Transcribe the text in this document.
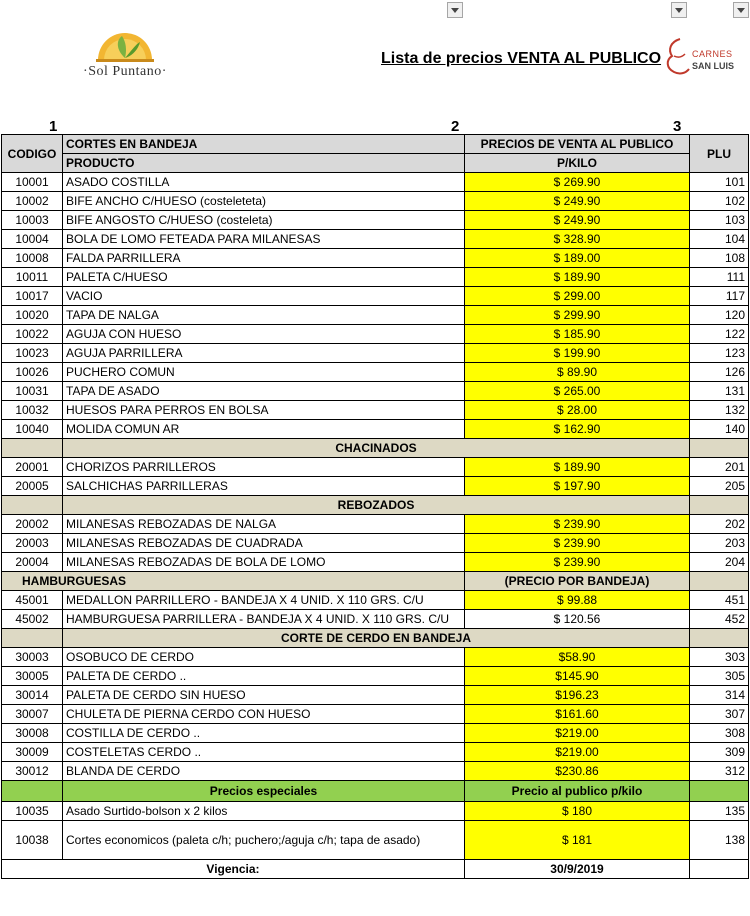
·Sol Puntano·
Lista de precios VENTA AL PUBLICO	CARNES
SAN LUIS
1	2	3
CODIGO	CORTES EN BANDEJA	PRECIOS DE VENTA AL PUBLICO	PLU
	PRODUCTO	P/KILO	
10001	ASADO COSTILLA	$ 269.90	101
10002	BIFE ANCHO C/HUESO (costeleteta)	$ 249.90	102
10003	BIFE ANGOSTO C/HUESO (costeleta)	$ 249.90	103
10004	BOLA DE LOMO FETEADA PARA MILANESAS	$ 328.90	104
10008	FALDA PARRILLERA	$ 189.00	108
10011	PALETA C/HUESO	$ 189.90	111
10017	VACIO	$ 299.00	117
10020	TAPA DE NALGA	$ 299.90	120
10022	AGUJA CON HUESO	$ 185.90	122
10023	AGUJA PARRILLERA	$ 199.90	123
10026	PUCHERO COMUN	$ 89.90	126
10031	TAPA DE ASADO	$ 265.00	131
10032	HUESOS PARA PERROS EN BOLSA	$ 28.00	132
10040	MOLIDA COMUN AR	$ 162.90	140
	CHACINADOS		
20001	CHORIZOS PARRILLEROS	$ 189.90	201
20005	SALCHICHAS PARRILLERAS	$ 197.90	205
	REBOZADOS		
20002	MILANESAS REBOZADAS DE NALGA	$ 239.90	202
20003	MILANESAS REBOZADAS DE CUADRADA	$ 239.90	203
20004	MILANESAS REBOZADAS DE BOLA DE LOMO	$ 239.90	204
HAMBURGUESAS		(PRECIO POR BANDEJA)	
45001	MEDALLON PARRILLERO - BANDEJA X 4 UNID. X 110 GRS. C/U	$ 99.88	451
45002	HAMBURGUESA PARRILLERA - BANDEJA X 4 UNID. X 110 GRS. C/U	$ 120.56	452
	CORTE DE CERDO EN BANDEJA		
30003	OSOBUCO DE CERDO	$58.90	303
30005	PALETA DE CERDO ..	$145.90	305
30014	PALETA DE CERDO SIN HUESO	$196.23	314
30007	CHULETA DE PIERNA CERDO CON HUESO	$161.60	307
30008	COSTILLA DE CERDO ..	$219.00	308
30009	COSTELETAS CERDO ..	$219.00	309
30012	BLANDA DE CERDO	$230.86	312
	Precios especiales	Precio al publico p/kilo	
10035	Asado Surtido-bolson x 2 kilos	$ 180	135
10038	Cortes economicos (paleta c/h; puchero;/aguja c/h; tapa de asado)	$ 181	138
Vigencia:		30/9/2019	
